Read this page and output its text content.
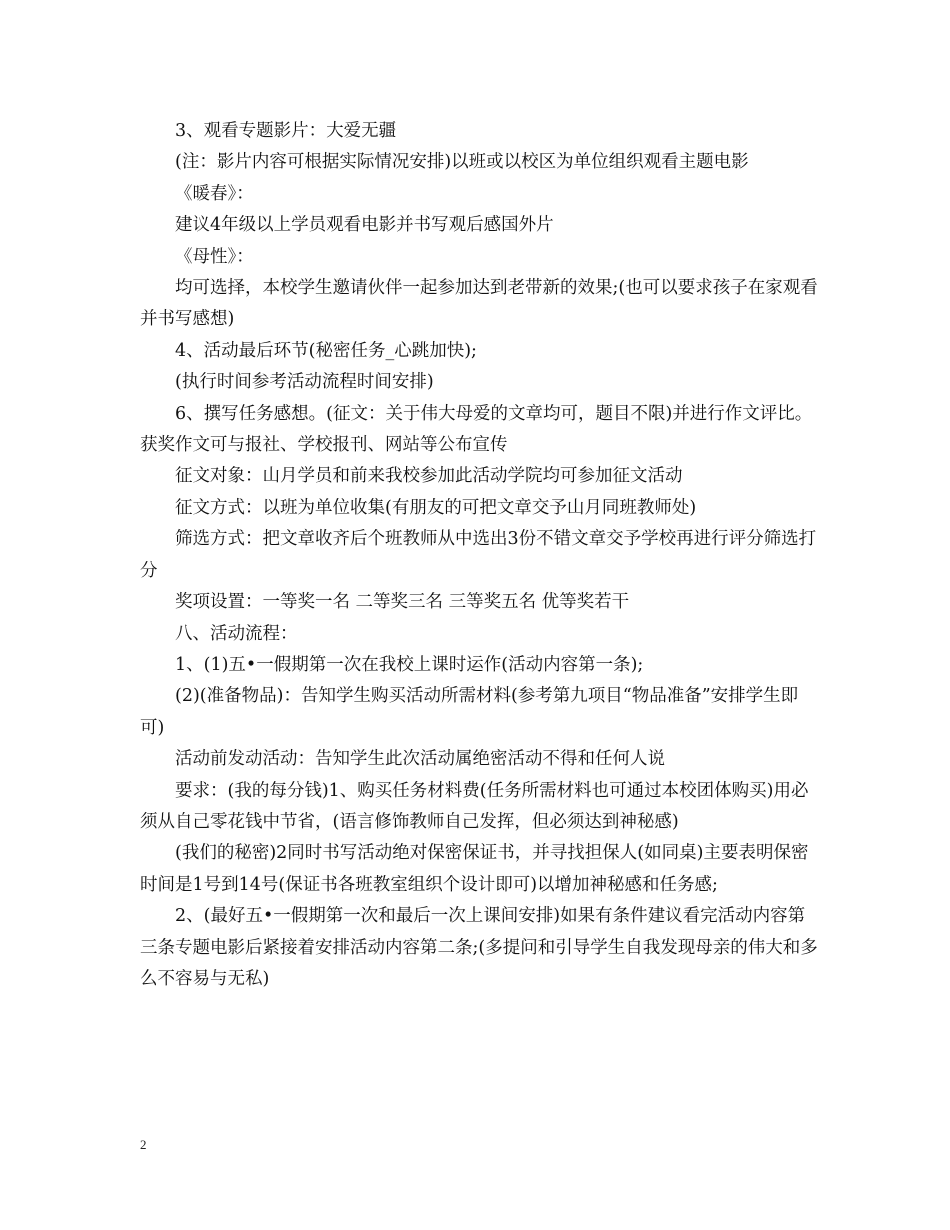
3、观看专题影片：大爱无疆

(注：影片内容可根据实际情况安排)以班或以校区为单位组织观看主题电影

《暖春》：

建议4年级以上学员观看电影并书写观后感国外片

《母性》：

均可选择，本校学生邀请伙伴一起参加达到老带新的效果;(也可以要求孩子在家观看并书写感想)

4、活动最后环节(秘密任务_心跳加快);

(执行时间参考活动流程时间安排)

6、撰写任务感想。(征文：关于伟大母爱的文章均可，题目不限)并进行作文评比。获奖作文可与报社、学校报刊、网站等公布宣传

征文对象：山月学员和前来我校参加此活动学院均可参加征文活动

征文方式：以班为单位收集(有朋友的可把文章交予山月同班教师处)

筛选方式：把文章收齐后个班教师从中选出3份不错文章交予学校再进行评分筛选打分

奖项设置：一等奖一名 二等奖三名 三等奖五名 优等奖若干

八、活动流程：

1、(1)五•一假期第一次在我校上课时运作(活动内容第一条);

(2)(准备物品)：告知学生购买活动所需材料(参考第九项目“物品准备”安排学生即可)

活动前发动活动：告知学生此次活动属绝密活动不得和任何人说

要求：(我的每分钱)1、购买任务材料费(任务所需材料也可通过本校团体购买)用必须从自己零花钱中节省，(语言修饰教师自己发挥，但必须达到神秘感)

(我们的秘密)2同时书写活动绝对保密保证书，并寻找担保人(如同桌)主要表明保密时间是1号到14号(保证书各班教室组织个设计即可)以增加神秘感和任务感;

2、(最好五•一假期第一次和最后一次上课间安排)如果有条件建议看完活动内容第三条专题电影后紧接着安排活动内容第二条;(多提问和引导学生自我发现母亲的伟大和多么不容易与无私)

2
